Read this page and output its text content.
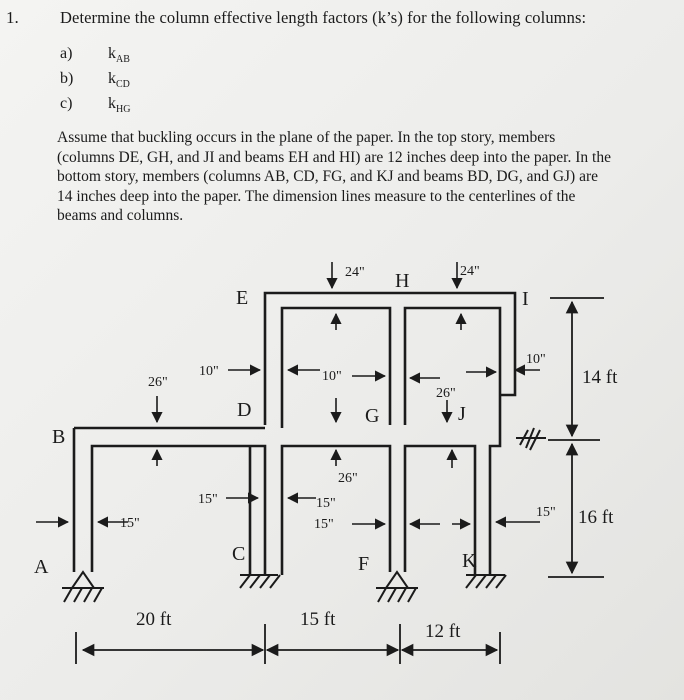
1.	Determine the column effective length factors (k’s) for the following columns:
a)	$k_{AB}$
b)	$k_{CD}$
c)	$k_{HG}$
Assume that buckling occurs in the plane of the paper. In the top story, members
(columns DE, GH, and JI and beams EH and HI) are 12 inches deep into the paper. In the
bottom story, members (columns AB, CD, FG, and KJ and beams BD, DG, and GJ) are
14 inches deep into the paper. The dimension lines measure to the centerlines of the
beams and columns.
A
B
C
D
E
F
G
H
I
J
K
24"	24"
10"	10"
10"
26"
26"
26"
15"
15"	15"
15"
15"
20 ft	15 ft
12 ft
14 ft
16 ft
